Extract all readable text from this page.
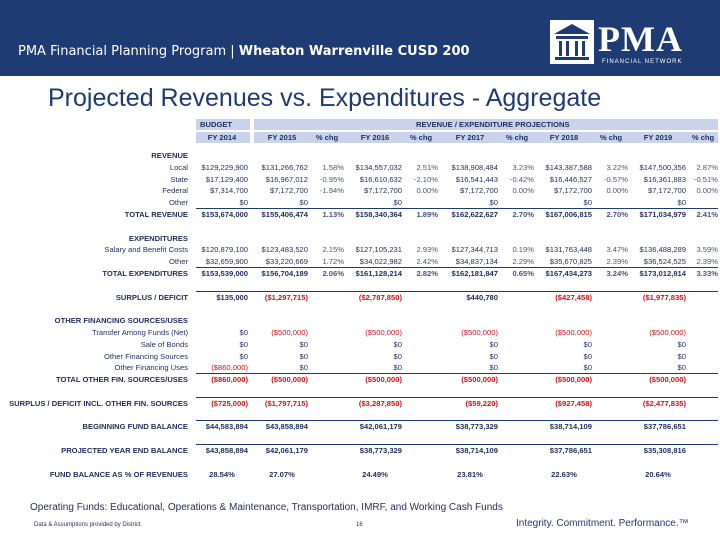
PMA Financial Planning Program | Wheaton Warrenville CUSD 200	PMA
FINANCIAL NETWORK
Projected Revenues vs. Expenditures - Aggregate
BUDGET	REVENUE / EXPENDITURE PROJECTIONS
FY 2014	FY 2015	% chg	FY 2016	% chg	FY 2017	% chg	FY 2018	% chg	FY 2019	% chg
REVENUE
Local	$129,229,900	$131,266,762	1.58%	$134,557,032	2.51%	$138,908,484	3.23%	$143,387,588	3.22%	$147,500,356	2.87%
State	$17,129,400	$16,967,012	-0.95%	$16,610,632	-2.10%	$16,541,443	-0.42%	$16,446,527	-0.57%	$16,361,883	-0.51%
Federal	$7,314,700	$7,172,700	-1.94%	$7,172,700	0.00%	$7,172,700	0.00%	$7,172,700	0.00%	$7,172,700	0.00%
Other	$0	$0	$0	$0	$0	$0
TOTAL REVENUE	$153,674,000	$155,406,474	1.13%	$158,340,364	1.89%	$162,622,627	2.70%	$167,006,815	2.70%	$171,034,979	2.41%
EXPENDITURES
Salary and Benefit Costs	$120,879,100	$123,483,520	2.15%	$127,105,231	2.93%	$127,344,713	0.19%	$131,763,448	3.47%	$136,488,289	3.59%
Other	$32,659,900	$33,220,669	1.72%	$34,022,982	2.42%	$34,837,134	2.29%	$35,670,825	2.39%	$36,524,525	2.39%
TOTAL EXPENDITURES	$153,539,000	$156,704,189	2.06%	$161,128,214	2.82%	$162,181,847	0.65%	$167,434,273	3.24%	$173,012,814	3.33%
SURPLUS / DEFICIT	$135,000	($1,297,715)	($2,787,850)	$440,780	($427,458)	($1,977,835)
OTHER FINANCING SOURCES/USES
Transfer Among Funds (Net)	$0	($500,000)	($500,000)	($500,000)	($500,000)	($500,000)
Sale of Bonds	$0	$0	$0	$0	$0	$0
Other Financing Sources	$0	$0	$0	$0	$0	$0
Other Financing Uses	($860,000)	$0	$0	$0	$0	$0
TOTAL OTHER FIN. SOURCES/USES	($860,000)	($500,000)	($500,000)	($500,000)	($500,000)	($500,000)
SURPLUS / DEFICIT INCL. OTHER FIN. SOURCES	($725,000)	($1,797,715)	($3,287,850)	($59,220)	($927,458)	($2,477,835)
BEGINNING FUND BALANCE	$44,583,894	$43,858,894	$42,061,179	$38,773,329	$38,714,109	$37,786,651
PROJECTED YEAR END BALANCE	$43,858,894	$42,061,179	$38,773,329	$38,714,109	$37,786,651	$35,308,816
FUND BALANCE AS % OF REVENUES	28.54%	27.07%	24.49%	23.81%	22.63%	20.64%
Operating Funds: Educational, Operations & Maintenance, Transportation, IMRF, and Working Cash Funds
Data & Assumptions provided by District	16	Integrity. Commitment. Performance.™
